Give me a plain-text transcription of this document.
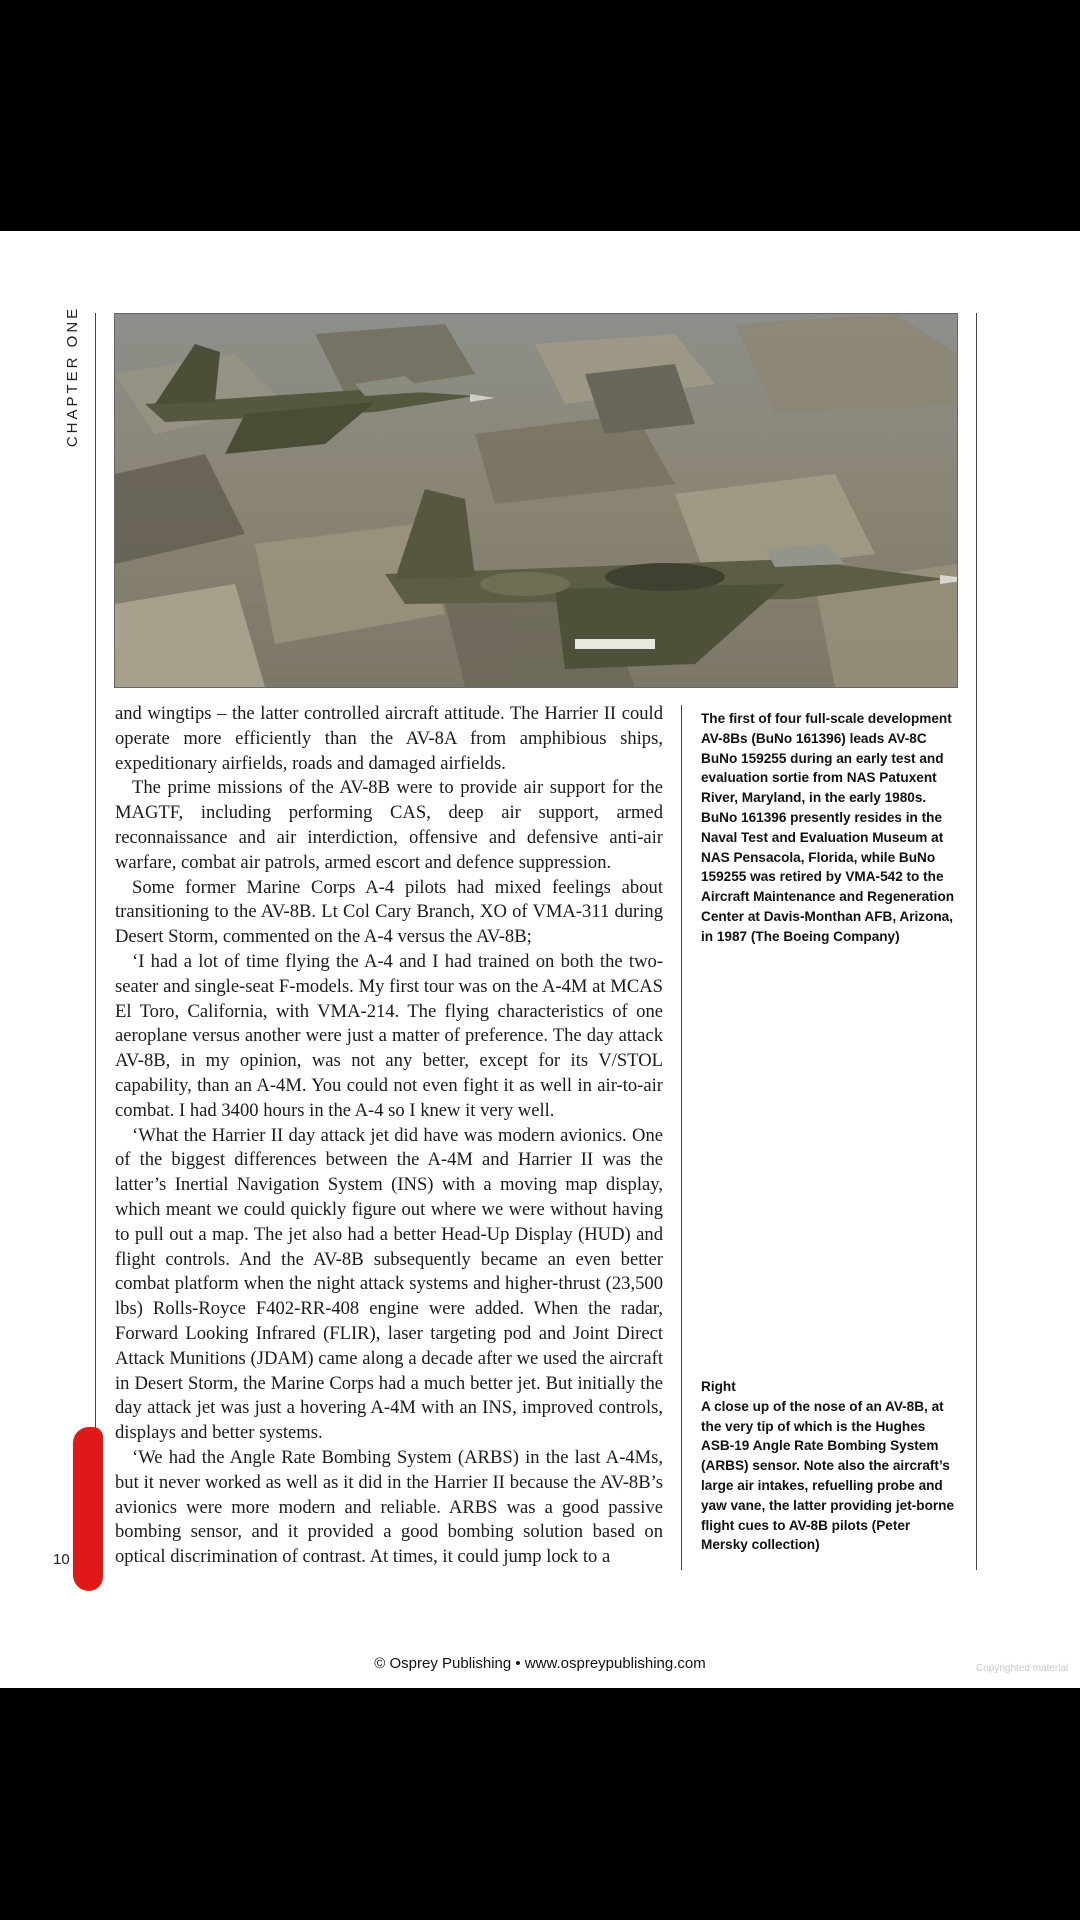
CHAPTER ONE

and wingtips – the latter controlled aircraft attitude. The Harrier II could operate more efficiently than the AV-8A from amphibious ships, expeditionary airfields, roads and damaged airfields.

The prime missions of the AV-8B were to provide air support for the MAGTF, including performing CAS, deep air support, armed reconnaissance and air interdiction, offensive and defensive anti-air warfare, combat air patrols, armed escort and defence suppression.

Some former Marine Corps A-4 pilots had mixed feelings about transitioning to the AV-8B. Lt Col Cary Branch, XO of VMA-311 during Desert Storm, commented on the A-4 versus the AV-8B;

‘I had a lot of time flying the A-4 and I had trained on both the two-seater and single-seat F-models. My first tour was on the A-4M at MCAS El Toro, California, with VMA-214. The flying characteristics of one aeroplane versus another were just a matter of preference. The day attack AV-8B, in my opinion, was not any better, except for its V/STOL capability, than an A-4M. You could not even fight it as well in air-to-air combat. I had 3400 hours in the A-4 so I knew it very well.

‘What the Harrier II day attack jet did have was modern avionics. One of the biggest differences between the A-4M and Harrier II was the latter’s Inertial Navigation System (INS) with a moving map display, which meant we could quickly figure out where we were without having to pull out a map. The jet also had a better Head-Up Display (HUD) and flight controls. And the AV-8B subsequently became an even better combat platform when the night attack systems and higher-thrust (23,500 lbs) Rolls-Royce F402-RR-408 engine were added. When the radar, Forward Looking Infrared (FLIR), laser targeting pod and Joint Direct Attack Munitions (JDAM) came along a decade after we used the aircraft in Desert Storm, the Marine Corps had a much better jet. But initially the day attack jet was just a hovering A-4M with an INS, improved controls, displays and better systems.

‘We had the Angle Rate Bombing System (ARBS) in the last A-4Ms, but it never worked as well as it did in the Harrier II because the AV-8B’s avionics were more modern and reliable. ARBS was a good passive bombing sensor, and it provided a good bombing solution based on optical discrimination of contrast. At times, it could jump lock to a

The first of four full-scale development AV-8Bs (BuNo 161396) leads AV-8C BuNo 159255 during an early test and evaluation sortie from NAS Patuxent River, Maryland, in the early 1980s. BuNo 161396 presently resides in the Naval Test and Evaluation Museum at NAS Pensacola, Florida, while BuNo 159255 was retired by VMA-542 to the Aircraft Maintenance and Regeneration Center at Davis-Monthan AFB, Arizona, in 1987 (The Boeing Company)
Right
A close up of the nose of an AV-8B, at the very tip of which is the Hughes ASB-19 Angle Rate Bombing System (ARBS) sensor. Note also the aircraft’s large air intakes, refuelling probe and yaw vane, the latter providing jet-borne flight cues to AV-8B pilots (Peter Mersky collection)
10
© Osprey Publishing • www.ospreypublishing.com	Copyrighted material
